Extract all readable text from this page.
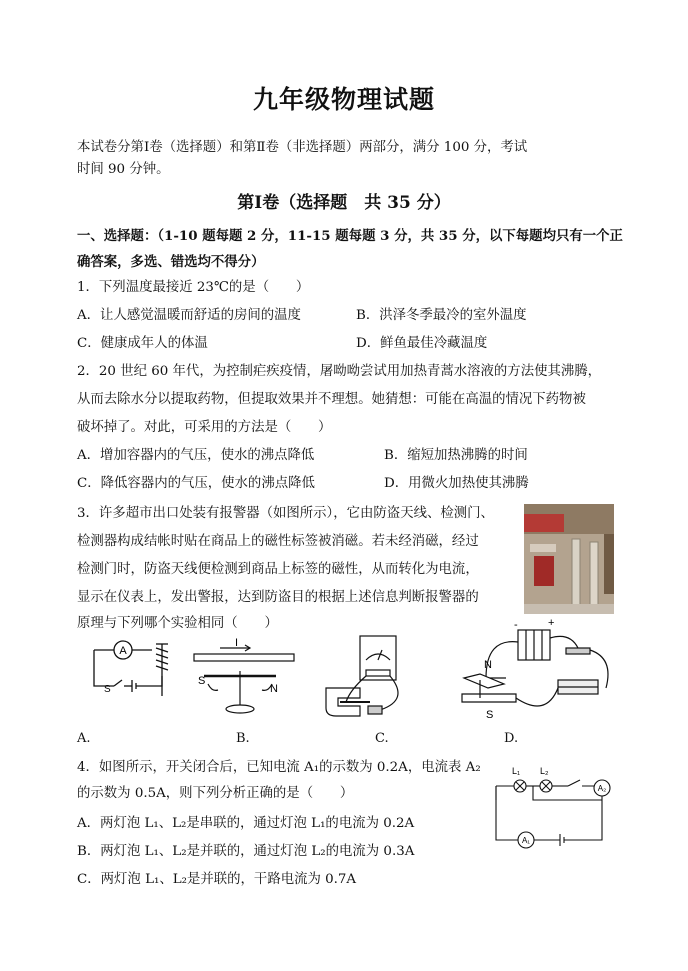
九年级物理试题
本试卷分第Ⅰ卷（选择题）和第Ⅱ卷（非选择题）两部分，满分 100 分，考试
时间 90 分钟。
第Ⅰ卷（选择题　共 35 分）
一、选择题：（1-10 题每题 2 分，11-15 题每题 3 分，共 35 分，以下每题均只有一个正
确答案，多选、错选均不得分）
1．下列温度最接近 23℃的是（　　）
A．让人感觉温暖而舒适的房间的温度	B．洪泽冬季最冷的室外温度
C．健康成年人的体温	D．鲜鱼最佳冷藏温度
2．20 世纪 60 年代，为控制疟疾疫情，屠呦呦尝试用加热青蒿水溶液的方法使其沸腾，
从而去除水分以提取药物，但提取效果并不理想。她猜想：可能在高温的情况下药物被
破坏掉了。对此，可采用的方法是（　　）
A．增加容器内的气压，使水的沸点降低	B．缩短加热沸腾的时间
C．降低容器内的气压，使水的沸点降低	D．用微火加热使其沸腾
3．许多超市出口处装有报警器（如图所示），它由防盗天线、检测门、
检测器构成结帐时贴在商品上的磁性标签被消磁。若未经消磁，经过
检测门时，防盗天线便检测到商品上标签的磁性，从而转化为电流，
显示在仪表上，发出警报，达到防盗目的根据上述信息判断报警器的
原理与下列哪个实验相同（　　）
A
S
I
S
N
N
S
-	+
A.	B.	C.	D.
4．如图所示，开关闭合后，已知电流 A₁的示数为 0.2A，电流表 A₂
的示数为 0.5A，则下列分析正确的是（　　）
A．两灯泡 L₁、L₂是串联的，通过灯泡 L₁的电流为 0.2A
B．两灯泡 L₁、L₂是并联的，通过灯泡 L₂的电流为 0.3A
C．两灯泡 L₁、L₂是并联的，干路电流为 0.7A
L₁ L₂
A₁
A₂
